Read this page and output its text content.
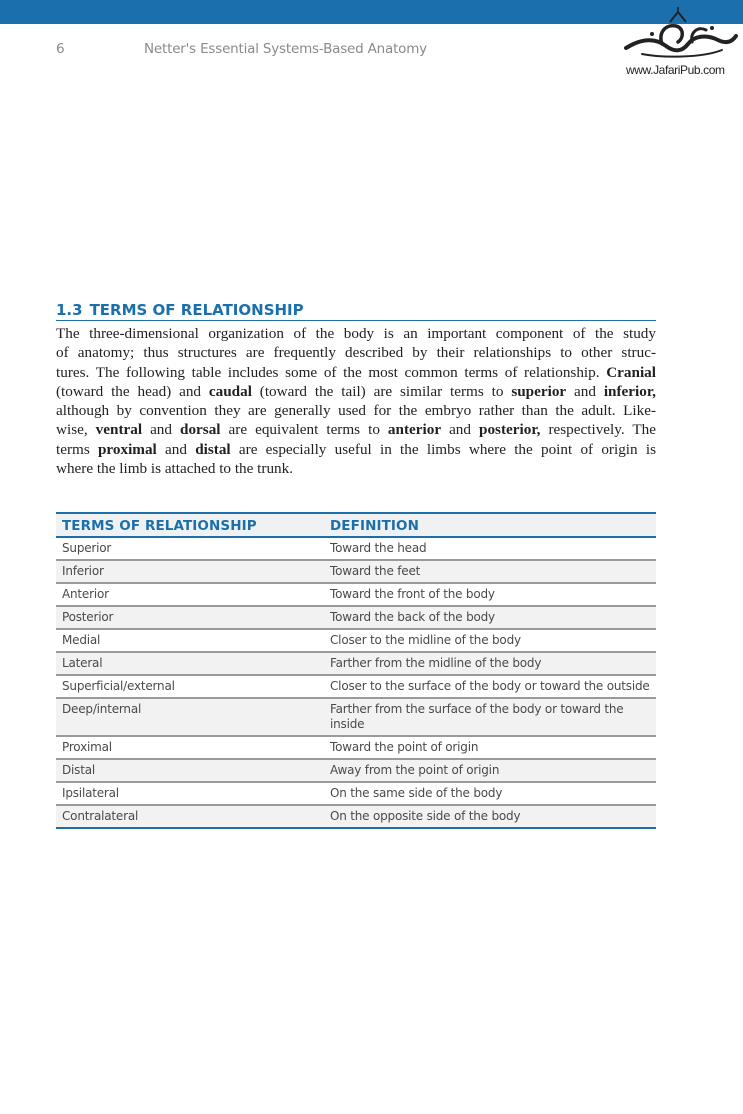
6	Netter's Essential Systems-Based Anatomy
www.JafariPub.com
1.3 TERMS OF RELATIONSHIP

The three-dimensional organization of the body is an important component of the study
of anatomy; thus structures are frequently described by their relationships to other struc-
tures. The following table includes some of the most common terms of relationship. Cranial
(toward the head) and caudal (toward the tail) are similar terms to superior and inferior,
although by convention they are generally used for the embryo rather than the adult. Like-
wise, ventral and dorsal are equivalent terms to anterior and posterior, respectively. The
terms proximal and distal are especially useful in the limbs where the point of origin is
where the limb is attached to the trunk.

TERMS OF RELATIONSHIP	DEFINITION
Superior	Toward the head
Inferior	Toward the feet
Anterior	Toward the front of the body
Posterior	Toward the back of the body
Medial	Closer to the midline of the body
Lateral	Farther from the midline of the body
Superficial/external	Closer to the surface of the body or toward the outside
Deep/internal	Farther from the surface of the body or toward the inside
Proximal	Toward the point of origin
Distal	Away from the point of origin
Ipsilateral	On the same side of the body
Contralateral	On the opposite side of the body
